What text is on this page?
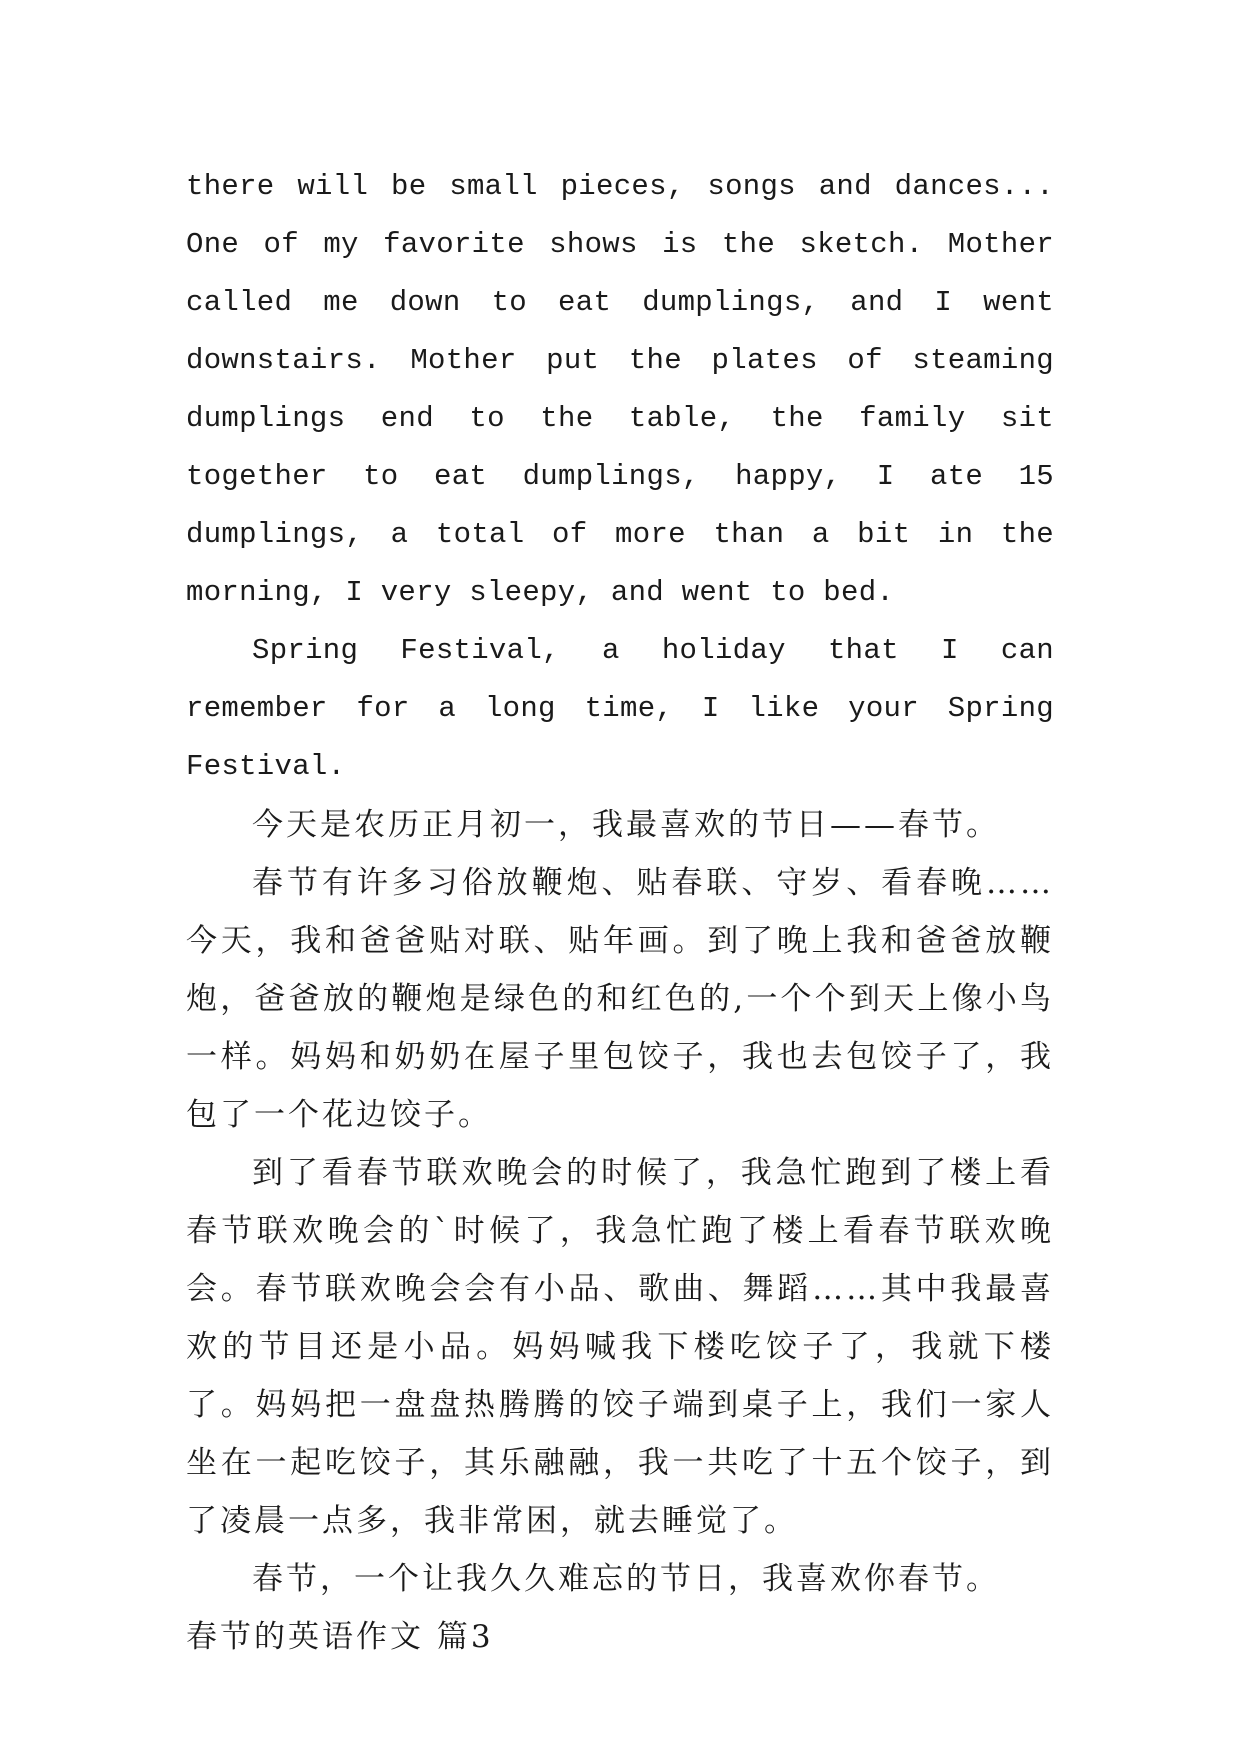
there will be small pieces, songs and dances... One of my favorite shows is the sketch. Mother called me down to eat dumplings, and I went downstairs. Mother put the plates of steaming dumplings end to the table, the family sit together to eat dumplings, happy, I ate 15 dumplings, a total of more than a bit in the morning, I very sleepy, and went to bed.

Spring Festival, a holiday that I can remember for a long time, I like your Spring Festival.

今天是农历正月初一，我最喜欢的节日——春节。

春节有许多习俗放鞭炮、贴春联、守岁、看春晚……今天，我和爸爸贴对联、贴年画。到了晚上我和爸爸放鞭炮，爸爸放的鞭炮是绿色的和红色的,一个个到天上像小鸟一样。妈妈和奶奶在屋子里包饺子，我也去包饺子了，我包了一个花边饺子。

到了看春节联欢晚会的时候了，我急忙跑到了楼上看春节联欢晚会的`时候了，我急忙跑了楼上看春节联欢晚会。春节联欢晚会会有小品、歌曲、舞蹈……其中我最喜欢的节目还是小品。妈妈喊我下楼吃饺子了，我就下楼了。妈妈把一盘盘热腾腾的饺子端到桌子上，我们一家人坐在一起吃饺子，其乐融融，我一共吃了十五个饺子，到了凌晨一点多，我非常困，就去睡觉了。

春节，一个让我久久难忘的节日，我喜欢你春节。

春节的英语作文 篇3
